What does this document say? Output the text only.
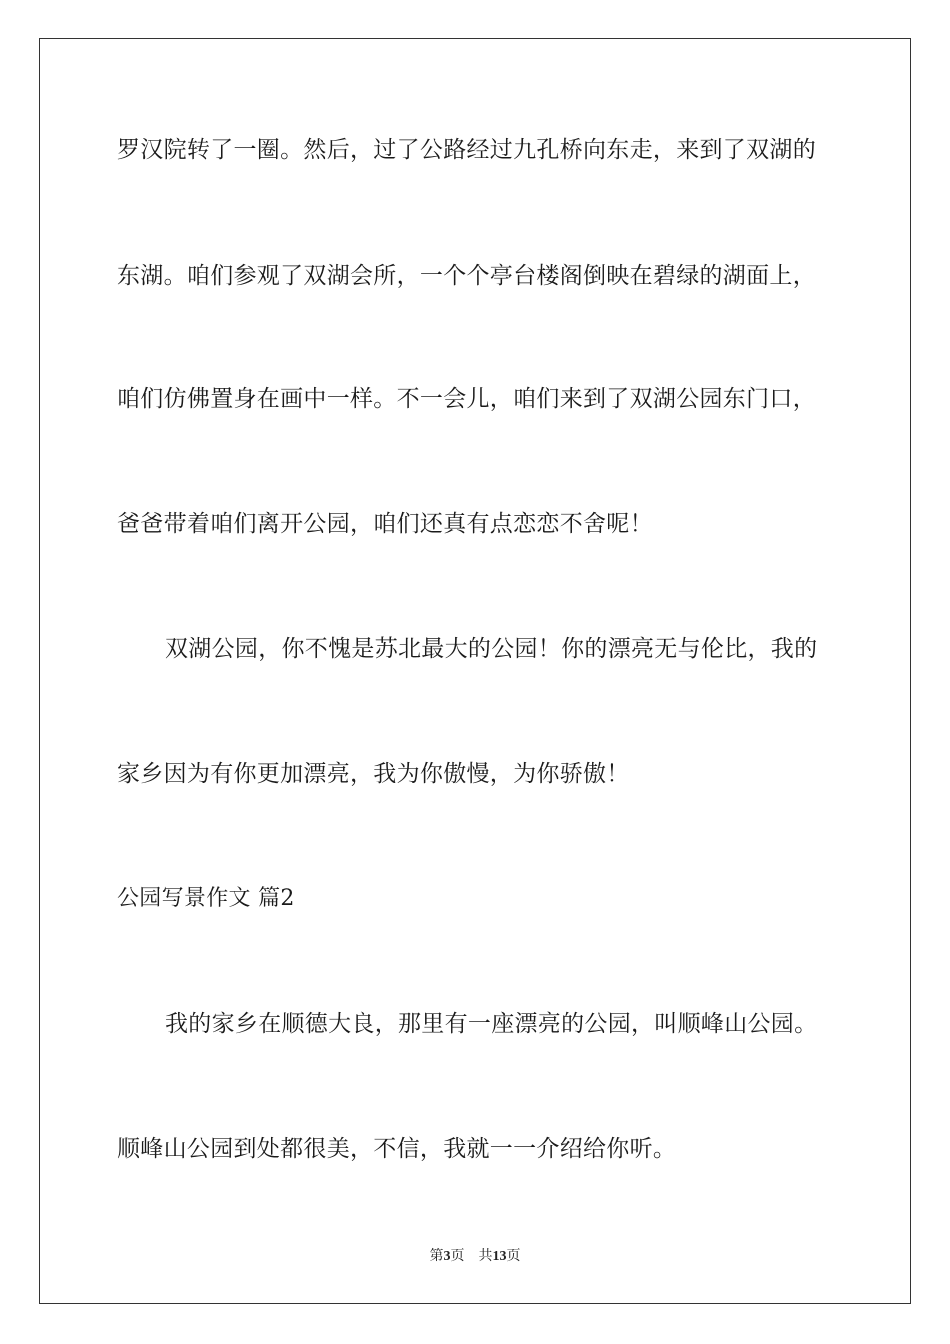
罗汉院转了一圈。然后，过了公路经过九孔桥向东走，来到了双湖的
东湖。咱们参观了双湖会所，一个个亭台楼阁倒映在碧绿的湖面上，
咱们仿佛置身在画中一样。不一会儿，咱们来到了双湖公园东门口，
爸爸带着咱们离开公园，咱们还真有点恋恋不舍呢！
双湖公园，你不愧是苏北最大的公园！你的漂亮无与伦比，我的
家乡因为有你更加漂亮，我为你傲慢，为你骄傲！
公园写景作文 篇2
我的家乡在顺德大良，那里有一座漂亮的公园，叫顺峰山公园。
顺峰山公园到处都很美，不信，我就一一介绍给你听。
第3页 共13页
